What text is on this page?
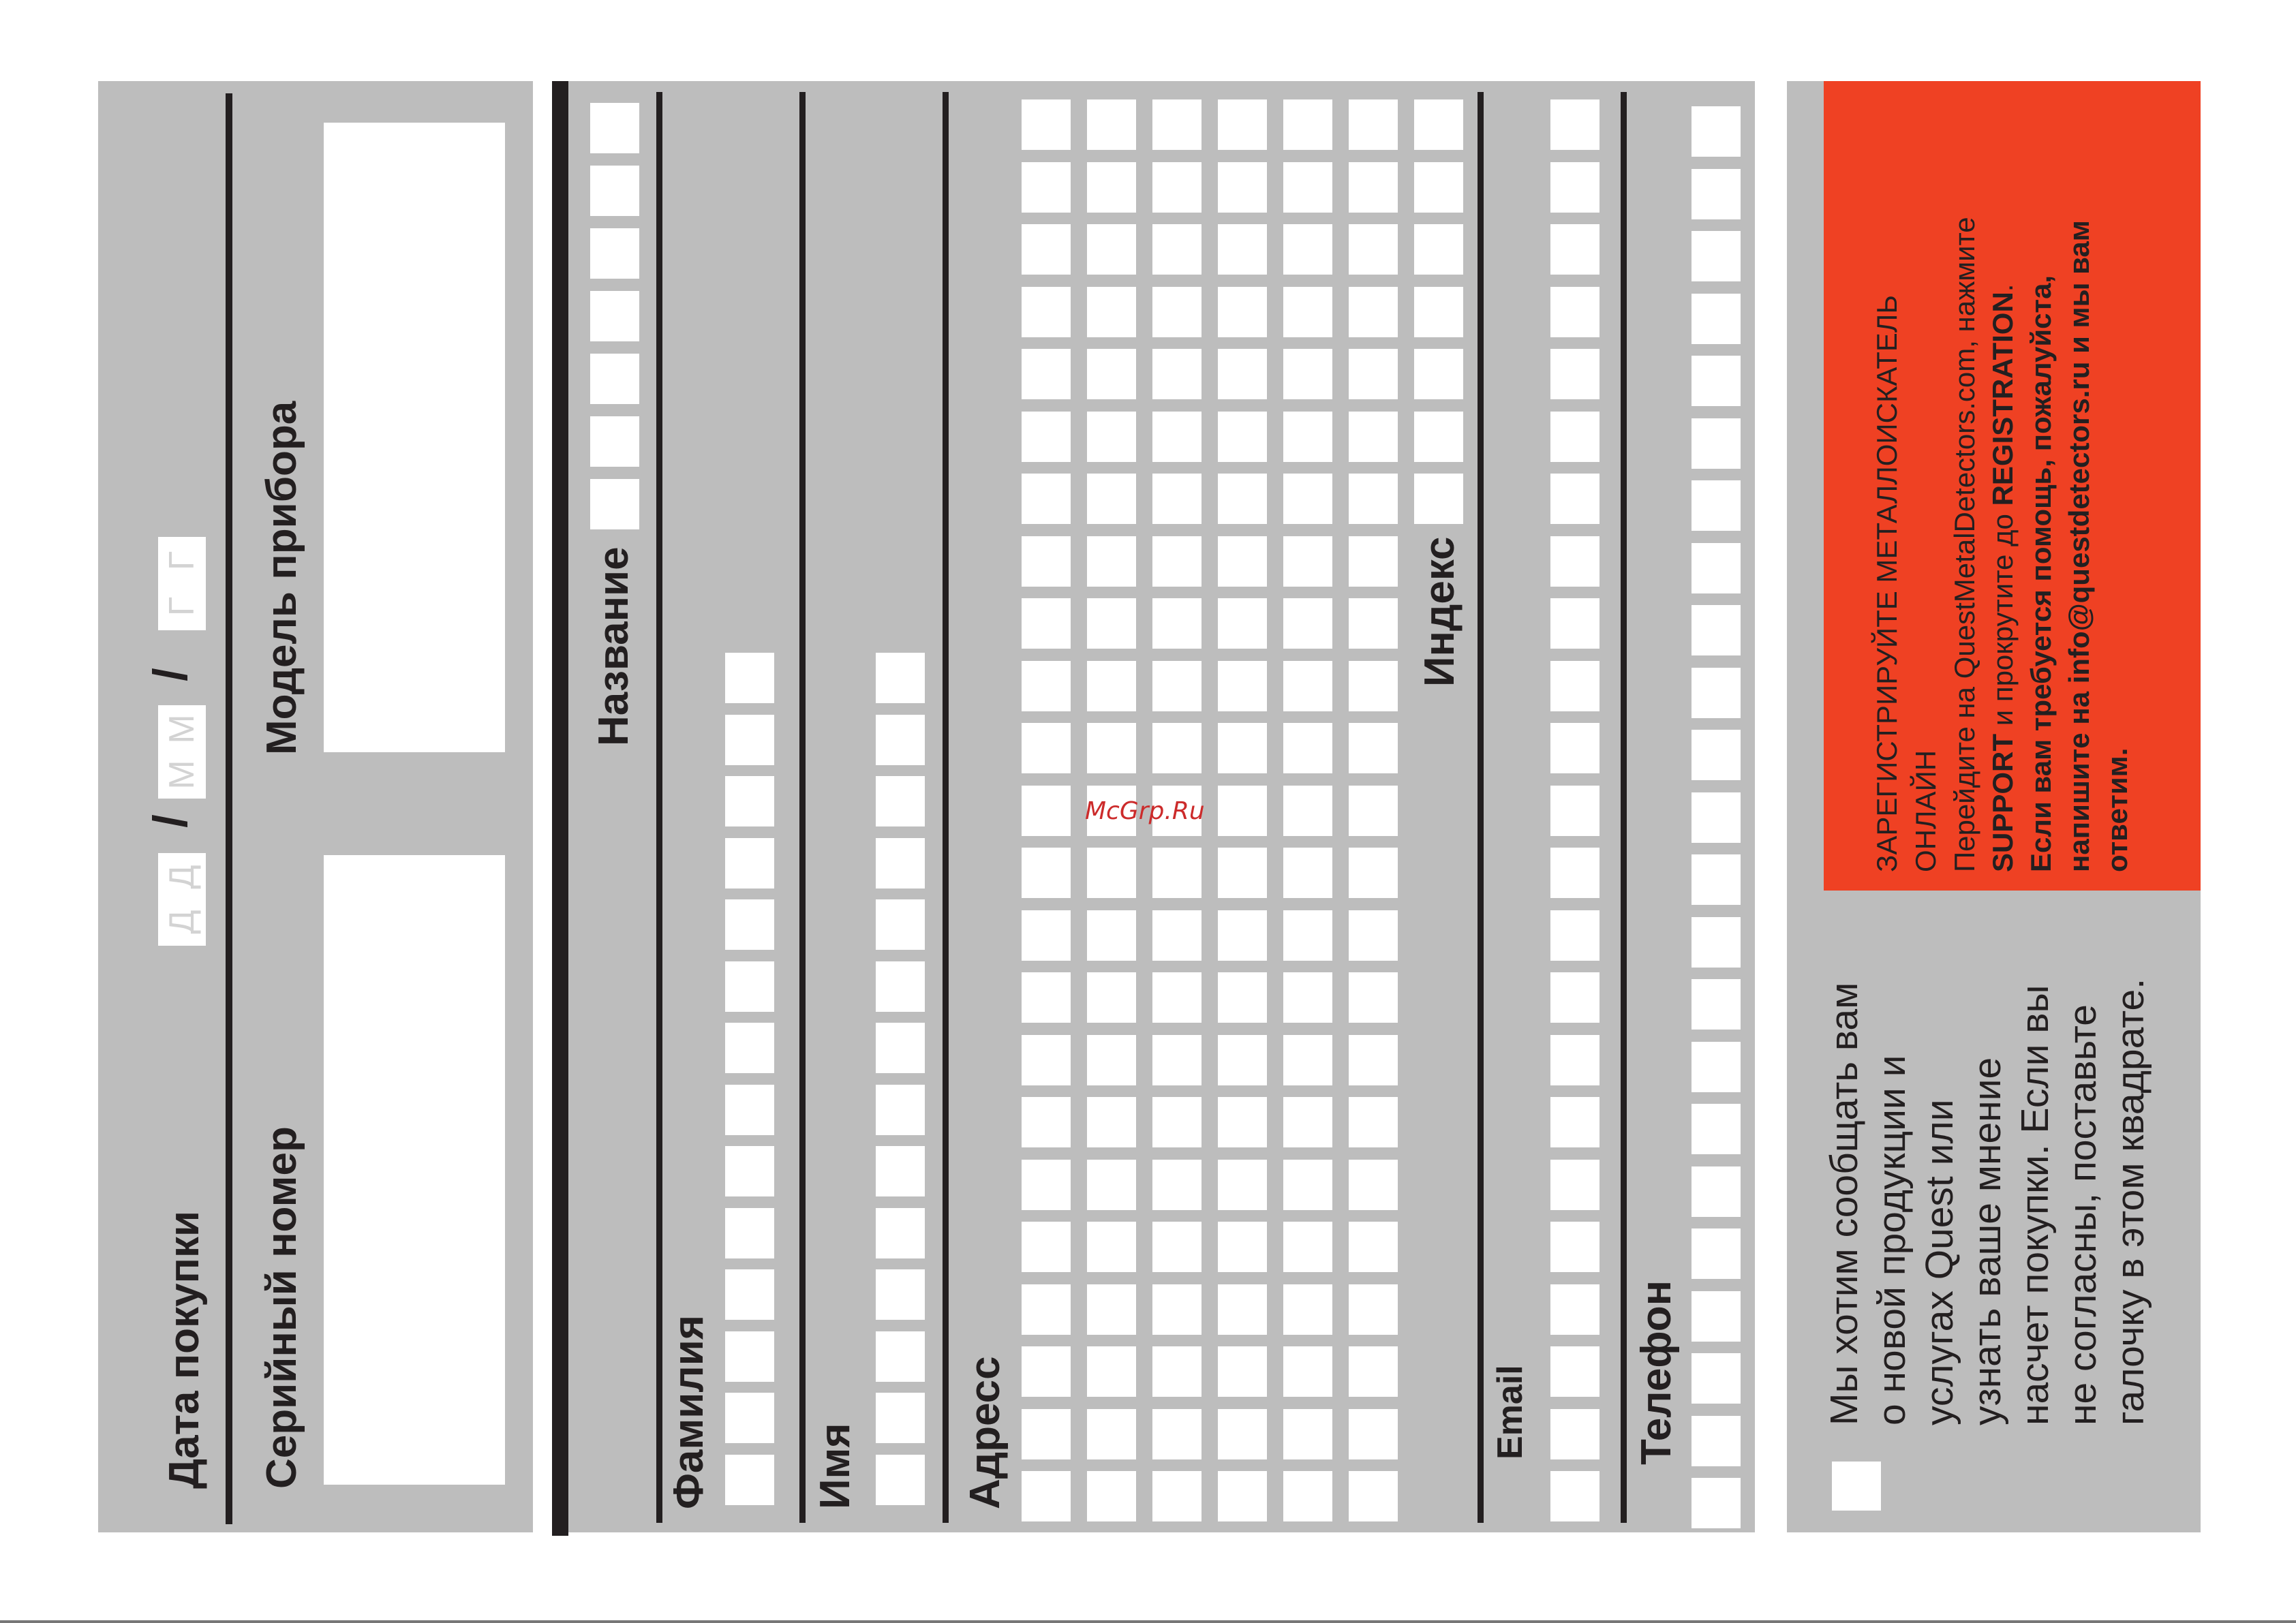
Дата покупки
Д
Д
/
М
М
/
Г
Г
Серийный номер
Модель прибора	Название
Фамилия Имя Адресс
Индекс
Email Телефон	Мы хотим сообщать вам о новой продукции и услугах Quest или узнать ваше мнение насчет покупки. Если вы не согласны, поставьте галочку в этом квадрате.
ЗАРЕГИСТРИРУЙТЕ МЕТАЛЛОИСКАТЕЛЬ ОНЛАЙН Перейдите на QuestMetalDetectors.com, нажмите SUPPORT и прокрутите до REGISTRATION. Если вам требуется помощь, пожалуйста, напишите на info@questdetectors.ru и мы вам ответим.
McGrp.Ru
